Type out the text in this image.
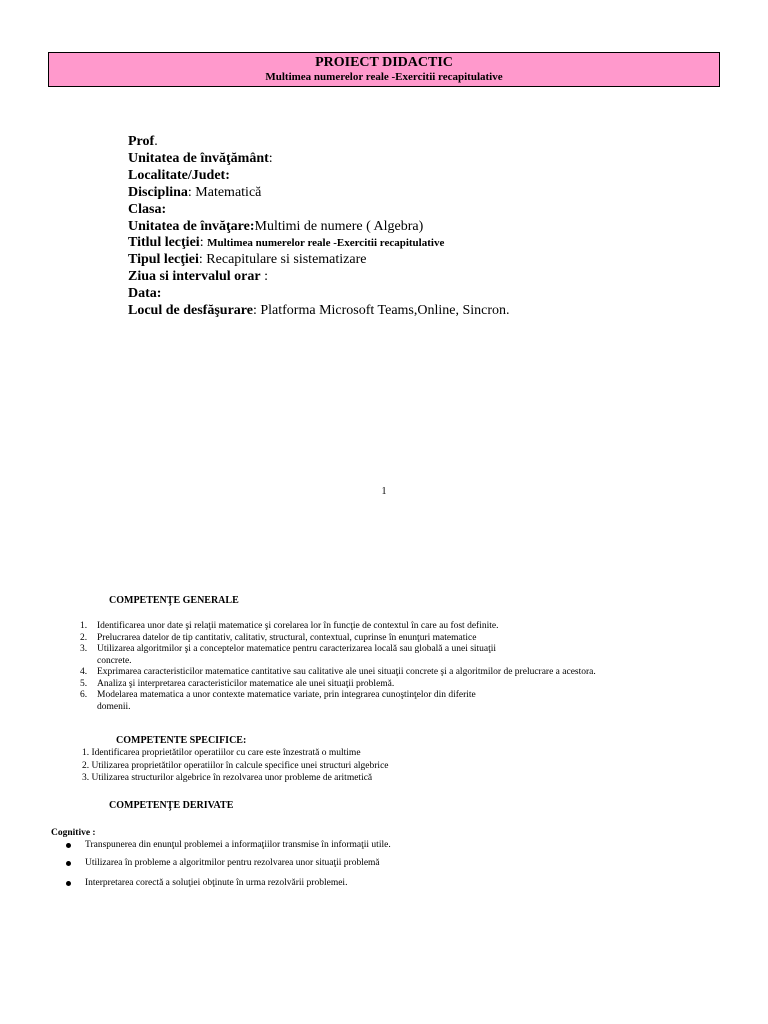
PROIECT DIDACTIC
Multimea numerelor reale -Exercitii recapitulative
Prof.
Unitatea de învăţământ:
Localitate/Judet:
Disciplina: Matematică
Clasa:
Unitatea de învăţare:Multimi de numere ( Algebra)
Titlul lecţiei: Multimea numerelor reale -Exercitii recapitulative
Tipul lecţiei: Recapitulare si sistematizare
Ziua si intervalul orar :
Data:
Locul de desfăşurare: Platforma Microsoft Teams,Online, Sincron.
1
COMPETENŢE GENERALE
1.	Identificarea unor date şi relaţii matematice şi corelarea lor în funcţie de contextul în care au fost definite.
2.	Prelucrarea datelor de tip cantitativ, calitativ, structural, contextual, cuprinse în enunţuri matematice
3.	Utilizarea algoritmilor şi a conceptelor matematice pentru caracterizarea locală sau globală a unei situaţii
concrete.
4.	Exprimarea caracteristicilor matematice cantitative sau calitative ale unei situaţii concrete şi a algoritmilor de prelucrare a acestora.
5.	Analiza şi interpretarea caracteristicilor matematice ale unei situaţii problemă.
6.	Modelarea matematica a unor contexte matematice variate, prin integrarea cunoştinţelor din diferite
domenii.
COMPETENTE SPECIFICE:
1. Identificarea proprietătilor operatiilor cu care este înzestrată o multime
2. Utilizarea proprietătilor operatiilor în calcule specifice unei structuri algebrice
3. Utilizarea structurilor algebrice în rezolvarea unor probleme de aritmetică
COMPETENŢE DERIVATE
Cognitive :
Transpunerea din enunţul problemei a informaţiilor transmise în informaţii utile.
Utilizarea în probleme a algoritmilor pentru rezolvarea unor situaţii problemă
Interpretarea corectă a soluţiei obţinute în urma rezolvării problemei.
